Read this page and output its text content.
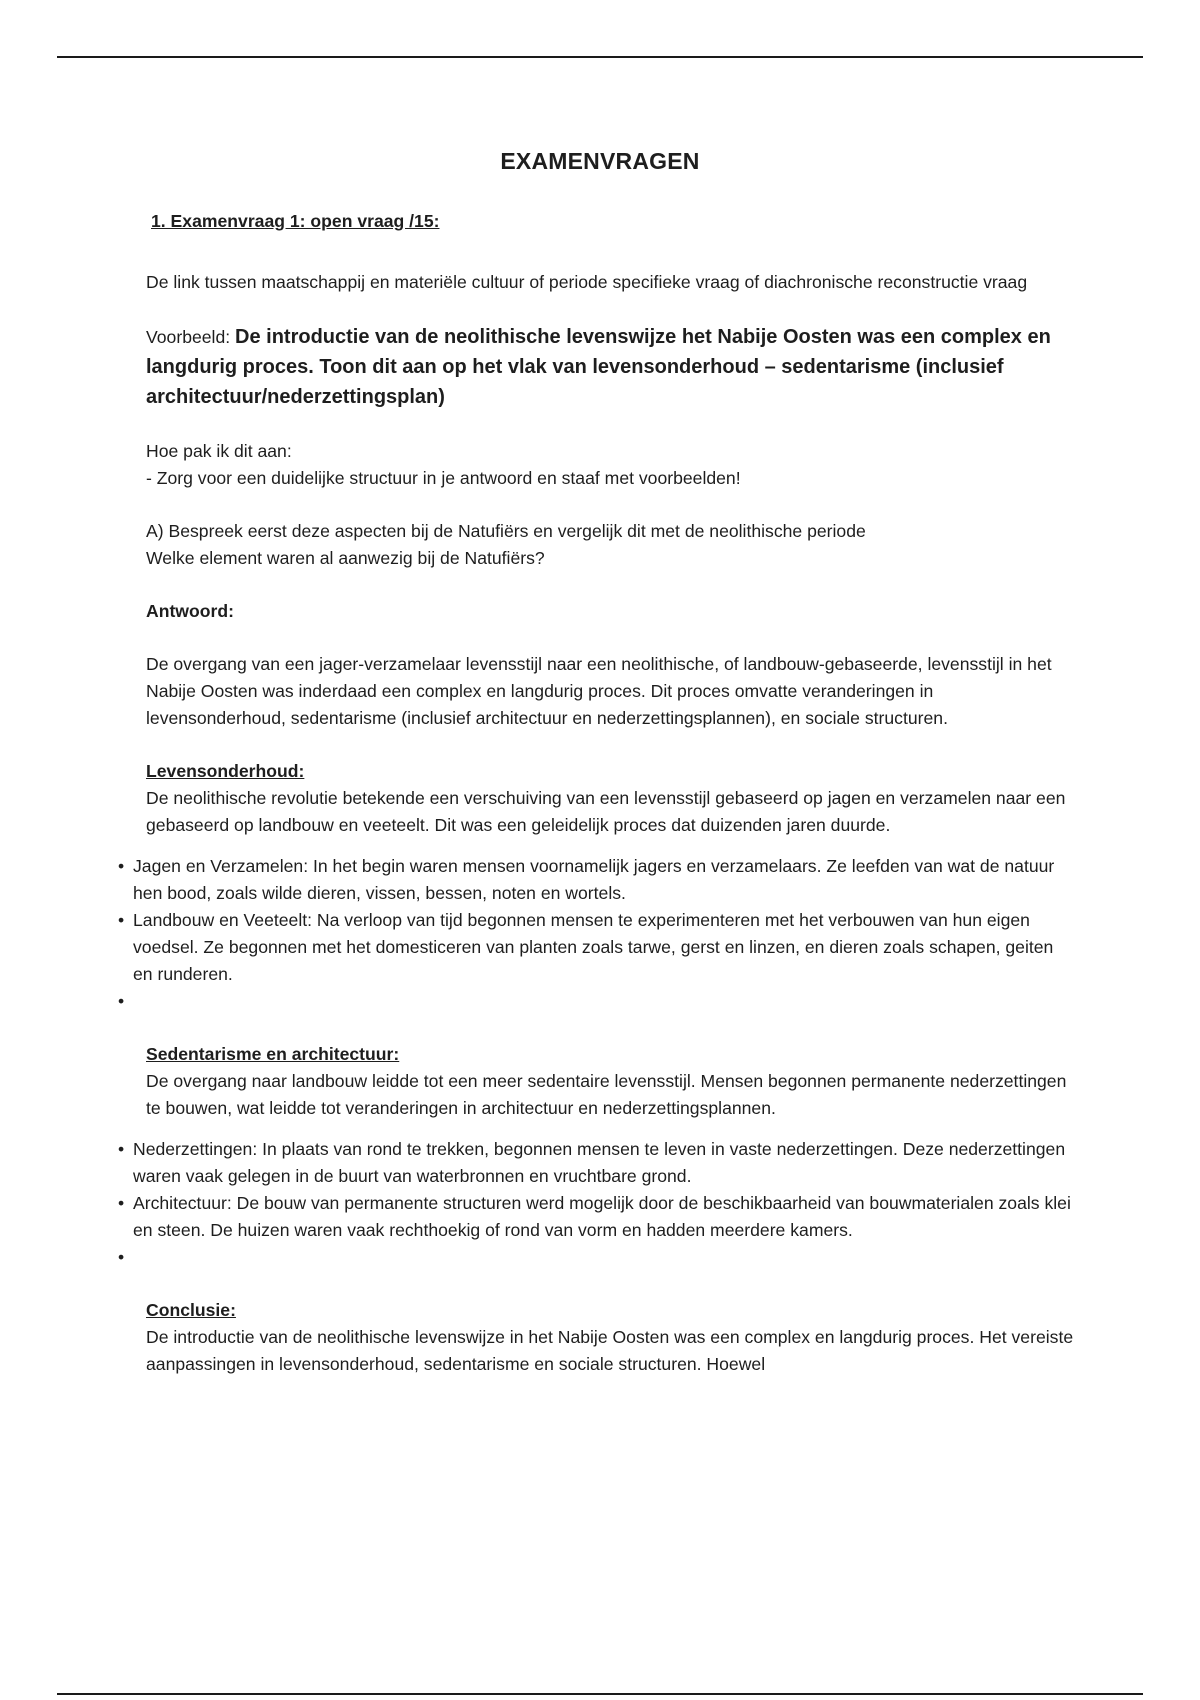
EXAMENVRAGEN

1. Examenvraag 1: open vraag /15:

De link tussen maatschappij en materiële cultuur of periode specifieke vraag of diachronische reconstructie vraag

Voorbeeld: De introductie van de neolithische levenswijze het Nabije Oosten was een complex en langdurig proces. Toon dit aan op het vlak van levensonderhoud – sedentarisme (inclusief architectuur/nederzettingsplan)

Hoe pak ik dit aan:

- Zorg voor een duidelijke structuur in je antwoord en staaf met voorbeelden!

A) Bespreek eerst deze aspecten bij de Natufiërs en vergelijk dit met de neolithische periode

Welke element waren al aanwezig bij de Natufiërs?

Antwoord:

De overgang van een jager-verzamelaar levensstijl naar een neolithische, of landbouw-gebaseerde, levensstijl in het Nabije Oosten was inderdaad een complex en langdurig proces. Dit proces omvatte veranderingen in levensonderhoud, sedentarisme (inclusief architectuur en nederzettingsplannen), en sociale structuren.

Levensonderhoud:

De neolithische revolutie betekende een verschuiving van een levensstijl gebaseerd op jagen en verzamelen naar een gebaseerd op landbouw en veeteelt. Dit was een geleidelijk proces dat duizenden jaren duurde.

• Jagen en Verzamelen: In het begin waren mensen voornamelijk jagers en verzamelaars. Ze leefden van wat de natuur hen bood, zoals wilde dieren, vissen, bessen, noten en wortels.
• Landbouw en Veeteelt: Na verloop van tijd begonnen mensen te experimenteren met het verbouwen van hun eigen voedsel. Ze begonnen met het domesticeren van planten zoals tarwe, gerst en linzen, en dieren zoals schapen, geiten en runderen.
•

Sedentarisme en architectuur:

De overgang naar landbouw leidde tot een meer sedentaire levensstijl. Mensen begonnen permanente nederzettingen te bouwen, wat leidde tot veranderingen in architectuur en nederzettingsplannen.

• Nederzettingen: In plaats van rond te trekken, begonnen mensen te leven in vaste nederzettingen. Deze nederzettingen waren vaak gelegen in de buurt van waterbronnen en vruchtbare grond.
• Architectuur: De bouw van permanente structuren werd mogelijk door de beschikbaarheid van bouwmaterialen zoals klei en steen. De huizen waren vaak rechthoekig of rond van vorm en hadden meerdere kamers.
•

Conclusie:

De introductie van de neolithische levenswijze in het Nabije Oosten was een complex en langdurig proces. Het vereiste aanpassingen in levensonderhoud, sedentarisme en sociale structuren. Hoewel
